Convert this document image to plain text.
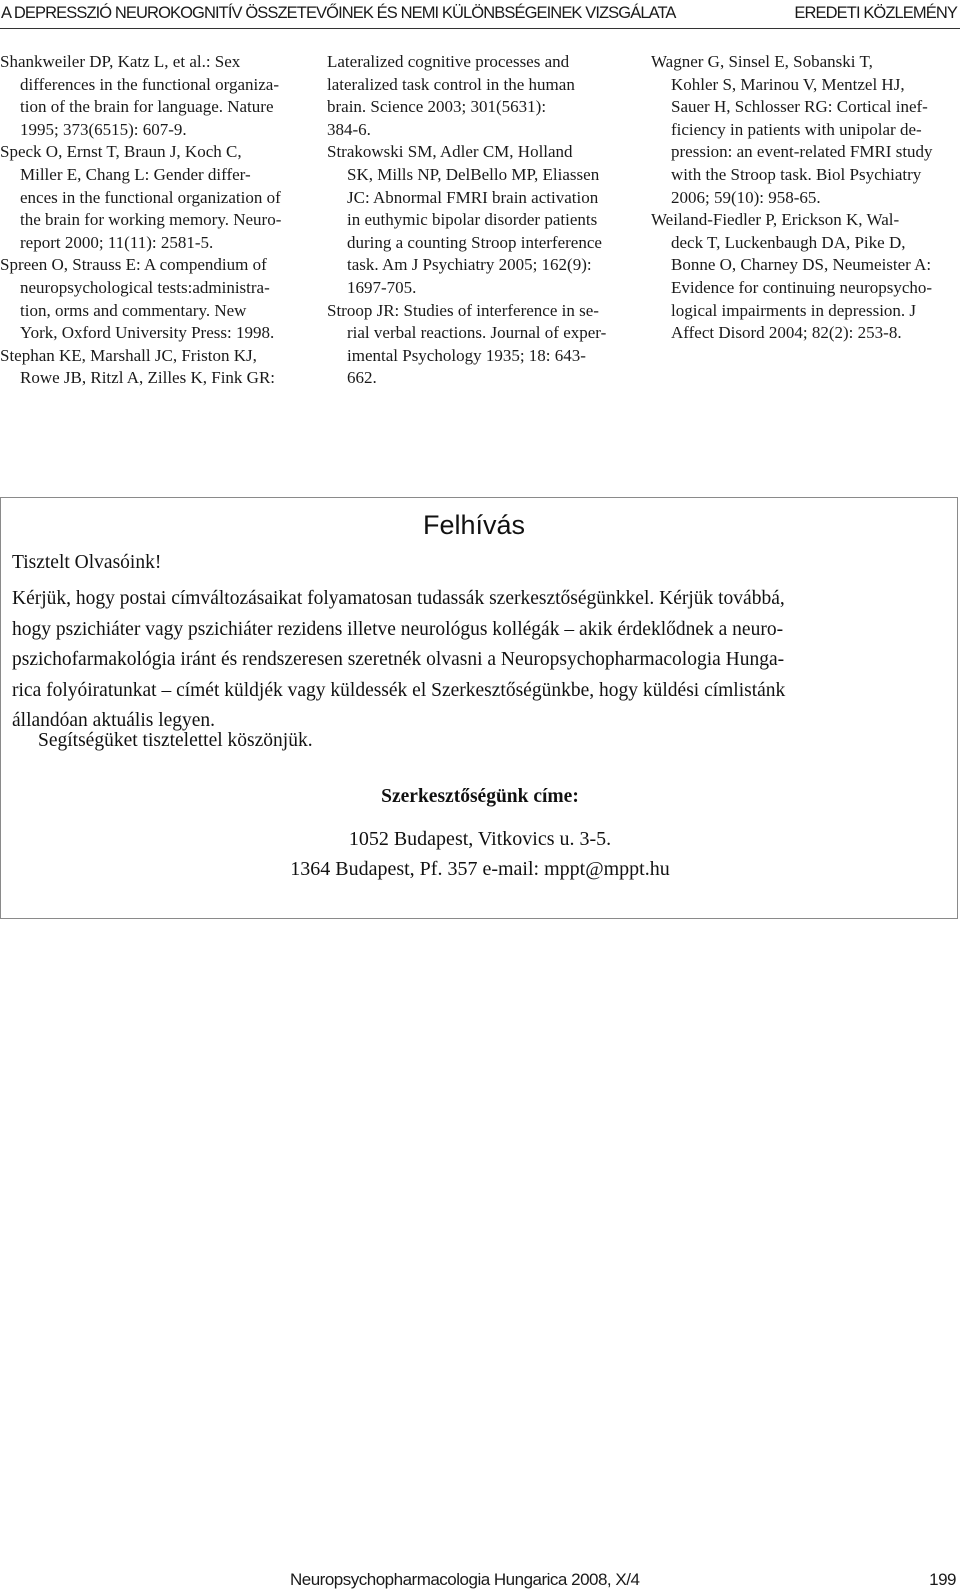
A DEPRESSZIÓ NEUROKOGNITÍV ÖSSZETEVŐINEK ÉS NEMI KÜLÖNBSÉGEINEK VIZSGÁLATA	EREDETI KÖZLEMÉNY
Shankweiler DP, Katz L, et al.: Sex
differences in the functional organiza-
tion of the brain for language. Nature
1995; 373(6515): 607-9.
Speck O, Ernst T, Braun J, Koch C,
Miller E, Chang L: Gender differ-
ences in the functional organization of
the brain for working memory. Neuro-
report 2000; 11(11): 2581-5.
Spreen O, Strauss E: A compendium of
neuropsychological tests:administra-
tion, orms and commentary. New
York, Oxford University Press: 1998.
Stephan KE, Marshall JC, Friston KJ,
Rowe JB, Ritzl A, Zilles K, Fink GR:
Lateralized cognitive processes and
lateralized task control in the human
brain. Science 2003; 301(5631):
384-6.
Strakowski SM, Adler CM, Holland
SK, Mills NP, DelBello MP, Eliassen
JC: Abnormal FMRI brain activation
in euthymic bipolar disorder patients
during a counting Stroop interference
task. Am J Psychiatry 2005; 162(9):
1697-705.
Stroop JR: Studies of interference in se-
rial verbal reactions. Journal of exper-
imental Psychology 1935; 18: 643-
662.
Wagner G, Sinsel E, Sobanski T,
Kohler S, Marinou V, Mentzel HJ,
Sauer H, Schlosser RG: Cortical inef-
ficiency in patients with unipolar de-
pression: an event-related FMRI study
with the Stroop task. Biol Psychiatry
2006; 59(10): 958-65.
Weiland-Fiedler P, Erickson K, Wal-
deck T, Luckenbaugh DA, Pike D,
Bonne O, Charney DS, Neumeister A:
Evidence for continuing neuropsycho-
logical impairments in depression. J
Affect Disord 2004; 82(2): 253-8.
Felhívás
Tisztelt Olvasóink!
Kérjük, hogy postai címváltozásaikat folyamatosan tudassák szerkesztőségünkkel. Kérjük továbbá,
hogy pszichiáter vagy pszichiáter rezidens illetve neurológus kollégák – akik érdeklődnek a neuro-
pszichofarmakológia iránt és rendszeresen szeretnék olvasni a Neuropsychopharmacologia Hunga-
rica folyóiratunkat – címét küldjék vagy küldessék el Szerkesztőségünkbe, hogy küldési címlistánk
állandóan aktuális legyen.
Segítségüket tisztelettel köszönjük.
Szerkesztőségünk címe:
1052 Budapest, Vitkovics u. 3-5.
1364 Budapest, Pf. 357 e-mail: mppt@mppt.hu
Neuropsychopharmacologia Hungarica 2008, X/4	199
